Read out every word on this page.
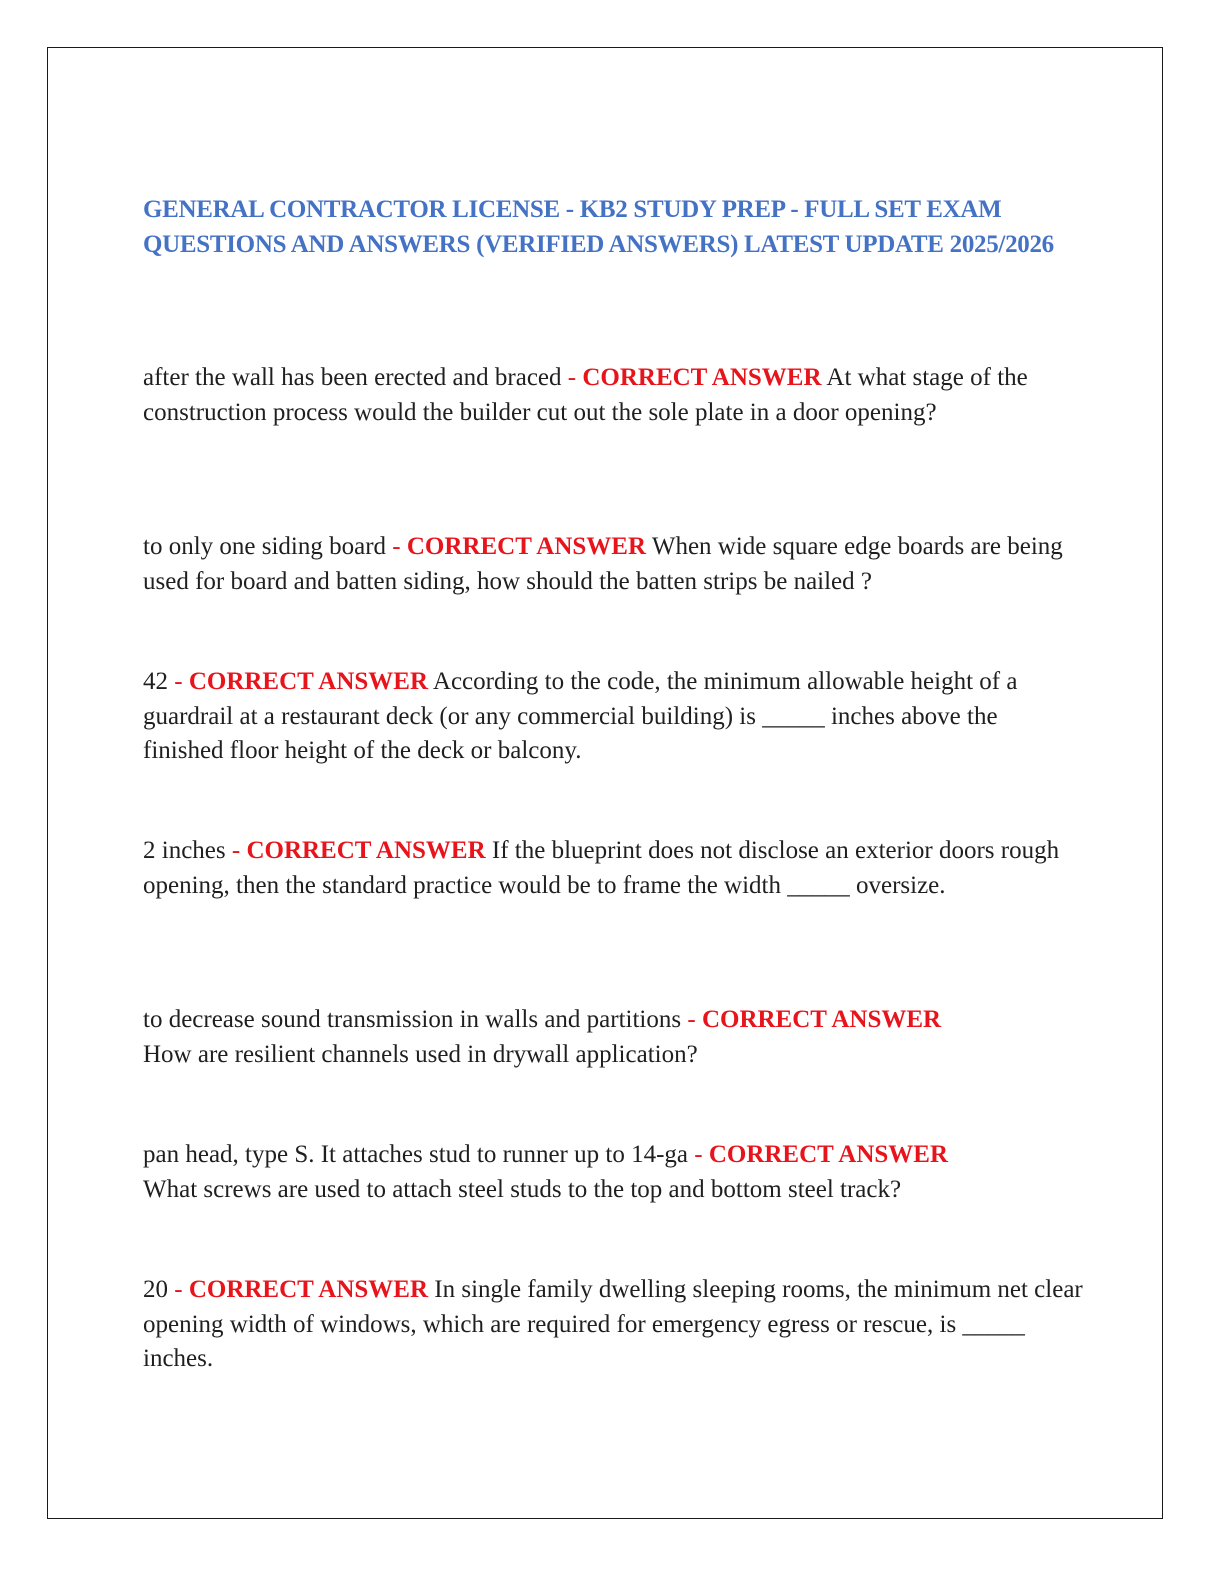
GENERAL CONTRACTOR LICENSE - KB2 STUDY PREP - FULL SET EXAM QUESTIONS AND ANSWERS (VERIFIED ANSWERS) LATEST UPDATE 2025/2026

after the wall has been erected and braced - CORRECT ANSWER At what stage of the construction process would the builder cut out the sole plate in a door opening?

to only one siding board - CORRECT ANSWER When wide square edge boards are being used for board and batten siding, how should the batten strips be nailed ?

42 - CORRECT ANSWER According to the code, the minimum allowable height of a guardrail at a restaurant deck (or any commercial building) is _____ inches above the finished floor height of the deck or balcony.

2 inches - CORRECT ANSWER If the blueprint does not disclose an exterior doors rough opening, then the standard practice would be to frame the width _____ oversize.

to decrease sound transmission in walls and partitions - CORRECT ANSWER
How are resilient channels used in drywall application?

pan head, type S. It attaches stud to runner up to 14-ga - CORRECT ANSWER
What screws are used to attach steel studs to the top and bottom steel track?

20 - CORRECT ANSWER In single family dwelling sleeping rooms, the minimum net clear opening width of windows, which are required for emergency egress or rescue, is _____ inches.
